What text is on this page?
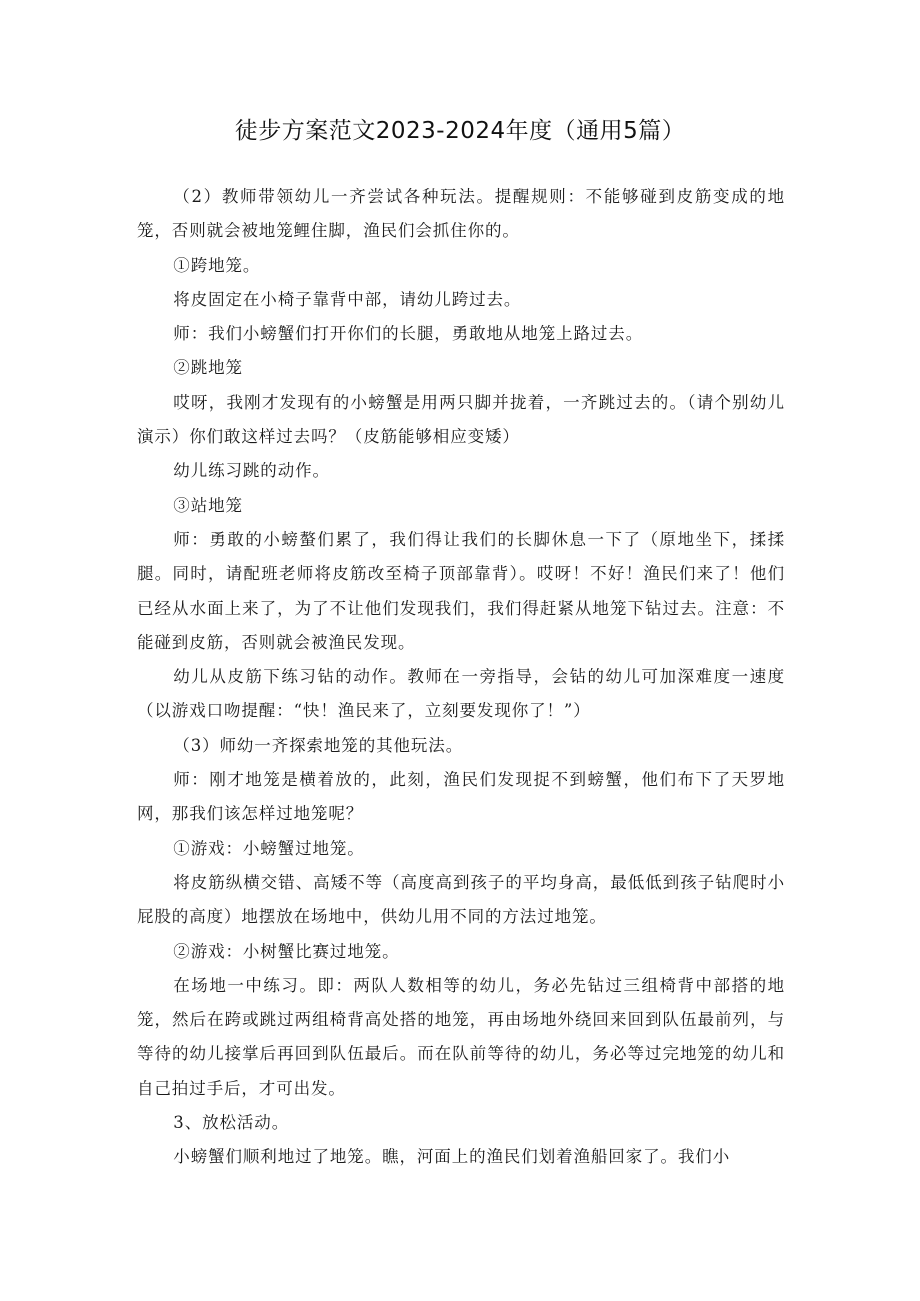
徒步方案范文2023-2024年度（通用5篇）

（2）教师带领幼儿一齐尝试各种玩法。提醒规则：不能够碰到皮筋变成的地笼，否则就会被地笼鲤住脚，渔民们会抓住你的。

①跨地笼。

将皮固定在小椅子靠背中部，请幼儿跨过去。

师：我们小螃蟹们打开你们的长腿，勇敢地从地笼上路过去。

②跳地笼

哎呀，我刚才发现有的小螃蟹是用两只脚并拢着，一齐跳过去的。（请个别幼儿演示）你们敢这样过去吗？（皮筋能够相应变矮）

幼儿练习跳的动作。

③站地笼

师：勇敢的小螃螯们累了，我们得让我们的长脚休息一下了（原地坐下，揉揉腿。同时，请配班老师将皮筋改至椅子顶部靠背）。哎呀！不好！渔民们来了！他们已经从水面上来了，为了不让他们发现我们，我们得赶紧从地笼下钻过去。注意：不能碰到皮筋，否则就会被渔民发现。

幼儿从皮筋下练习钻的动作。教师在一旁指导，会钻的幼儿可加深难度一速度（以游戏口吻提醒：“快！渔民来了，立刻要发现你了！”）

（3）师幼一齐探索地笼的其他玩法。

师：刚才地笼是横着放的，此刻，渔民们发现捉不到螃蟹，他们布下了天罗地网，那我们该怎样过地笼呢？

①游戏：小螃蟹过地笼。

将皮筋纵横交错、高矮不等（高度高到孩子的平均身高，最低低到孩子钻爬时小屁股的高度）地摆放在场地中，供幼儿用不同的方法过地笼。

②游戏：小树蟹比赛过地笼。

在场地一中练习。即：两队人数相等的幼儿，务必先钻过三组椅背中部搭的地笼，然后在跨或跳过两组椅背高处搭的地笼，再由场地外绕回来回到队伍最前列，与等待的幼儿接掌后再回到队伍最后。而在队前等待的幼儿，务必等过完地笼的幼儿和自己拍过手后，才可出发。

3、放松活动。

小螃蟹们顺利地过了地笼。瞧，河面上的渔民们划着渔船回家了。我们小
